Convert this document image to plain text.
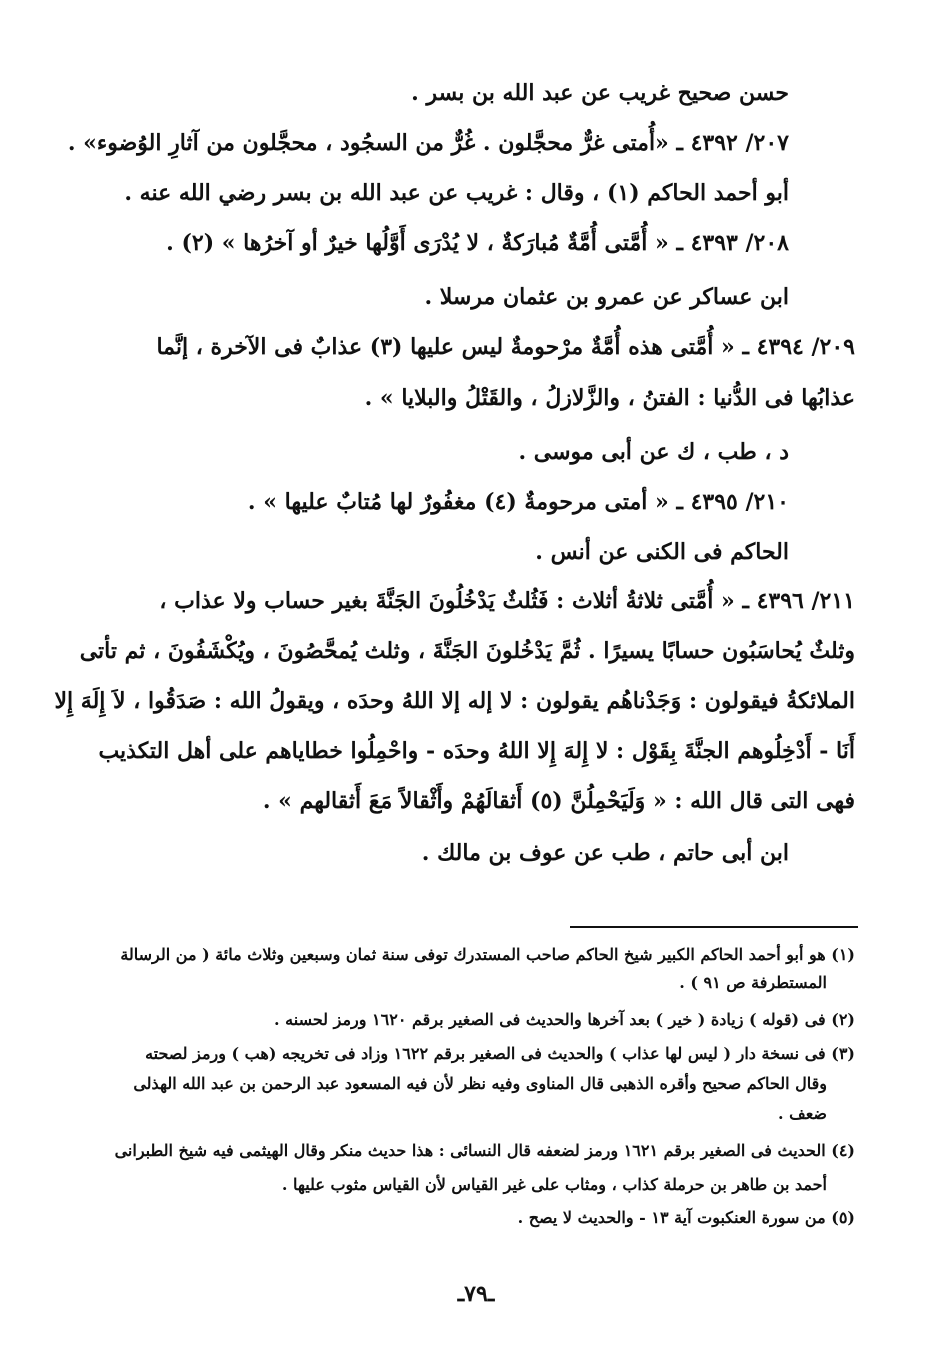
حسن صحيح غريب عن عبد الله بن بسر .

٢٠٧/ ٤٣٩٢ ـ «أُمتى غرٌّ محجَّلون . غُرٌّ من السجُود ، محجَّلون من آثارِ الوُضوء» .

أبو أحمد الحاكم (١) ، وقال : غريب عن عبد الله بن بسر رضي الله عنه .

٢٠٨/ ٤٣٩٣ ـ « أُمَّتى أُمَّةٌ مُبارَكةٌ ، لا يُدْرَى أَوَّلُها خيرٌ أو آخرُها » (٢) .

ابن عساكر عن عمرو بن عثمان مرسلا .

٢٠٩/ ٤٣٩٤ ـ « أُمَّتى هذه أُمَّةٌ مرْحومةٌ ليس عليها (٣) عذابٌ فى الآخرة ، إنَّما

عذابُها فى الدُّنيا : الفتنُ ، والزَّلازلُ ، والقَتْلُ والبلايا » .

د ، طب ، ك عن أبى موسى .

٢١٠/ ٤٣٩٥ ـ « أمتى مرحومةٌ (٤) مغفُورٌ لها مُتابٌ عليها » .

الحاكم فى الكنى عن أنس .

٢١١/ ٤٣٩٦ ـ « أُمَّتى ثلاثةُ أثلاث : فَثُلثٌ يَدْخُلُونَ الجَنَّةَ بغير حساب ولا عذاب ،

وثلثٌ يُحاسَبُون حسابًا يسيرًا . ثُمَّ يَدْخُلونَ الجَنَّةَ ، وثلث يُمحَّصُونَ ، ويُكْشَفُونَ ، ثم تأتى

الملائكةُ فيقولون : وَجَدْناهُم يقولون : لا إله إلا اللهُ وحدَه ، ويقولُ الله : صَدَقُوا ، لاَ إِلَهَ إِلا

أَنَا - أَدْخِلُوهم الجنَّةَ بِقَوْل : لا إِلهَ إِلا اللهُ وحدَه - واحْمِلُوا خطاياهم على أهل التكذيب

فهى التى قال الله : « وَلَيَحْمِلُنَّ (٥) أَثقالَهُمْ وأَثْقالاً مَعَ أَثقالهم » .

ابن أبى حاتم ، طب عن عوف بن مالك .

(١) هو أبو أحمد الحاكم الكبير شيخ الحاكم صاحب المستدرك توفى سنة ثمان وسبعين وثلاث مائة ( من الرسالة

المستطرفة ص ٩١ ) .

(٢) فى (قوله ) زيادة ( خير ) بعد آخرها والحديث فى الصغير برقم ١٦٢٠ ورمز لحسنه .

(٣) فى نسخة دار ( ليس لها عذاب ) والحديث فى الصغير برقم ١٦٢٢ وزاد فى تخريجه (هب ) ورمز لصحته

وقال الحاكم صحيح وأقره الذهبى قال المناوى وفيه نظر لأن فيه المسعود عبد الرحمن بن عبد الله الهذلى

ضعف .

(٤) الحديث فى الصغير برقم ١٦٢١ ورمز لضعفه قال النسائى : هذا حديث منكر وقال الهيثمى فيه شيخ الطبرانى

أحمد بن طاهر بن حرملة كذاب ، ومثاب على غير القياس لأن القياس مثوب عليها .

(٥) من سورة العنكبوت آية ١٣ - والحديث لا يصح .

ـ٧٩ـ
